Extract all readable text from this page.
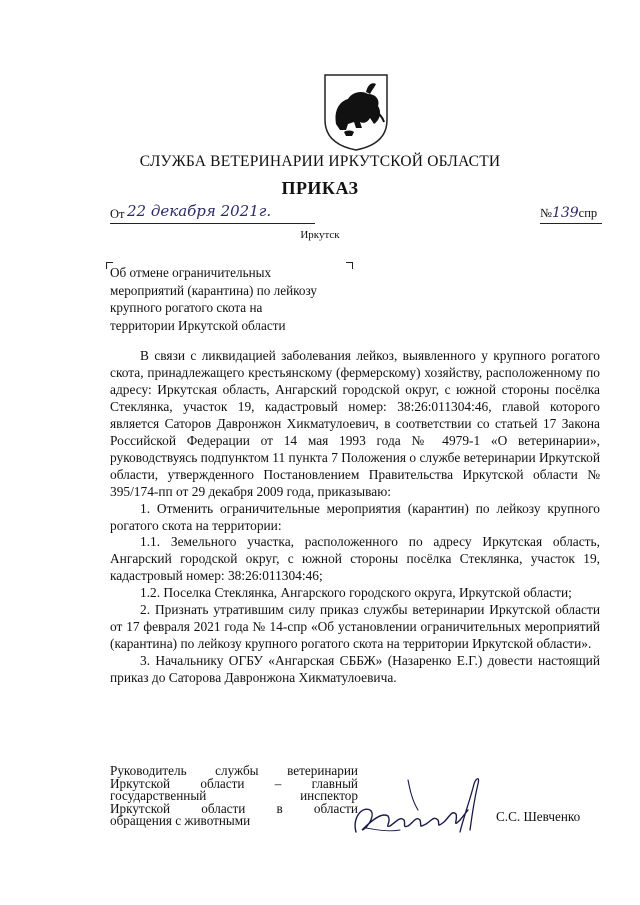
СЛУЖБА ВЕТЕРИНАРИИ ИРКУТСКОЙ ОБЛАСТИ
ПРИКАЗ
От 22 декабря 2021г.	№139спр
Иркутск

Об отмене ограничительных

мероприятий (карантина) по лейкозу

крупного рогатого скота на

территории Иркутской области

В связи с ликвидацией заболевания лейкоз, выявленного у крупного рогатого скота, принадлежащего крестьянскому (фермерскому) хозяйству, расположенному по адресу: Иркутская область, Ангарский городской округ, с южной стороны посёлка Стеклянка, участок 19, кадастровый номер: 38:26:011304:46, главой которого является Саторов Давронжон Хикматулоевич, в соответствии со статьей 17 Закона Российской Федерации от 14 мая 1993 года № 4979-1 «О ветеринарии», руководствуясь подпунктом 11 пункта 7 Положения о службе ветеринарии Иркутской области, утвержденного Постановлением Правительства Иркутской области № 395/174-пп от 29 декабря 2009 года, приказываю:

1. Отменить ограничительные мероприятия (карантин) по лейкозу крупного рогатого скота на территории:

1.1. Земельного участка, расположенного по адресу Иркутская область, Ангарский городской округ, с южной стороны посёлка Стеклянка, участок 19, кадастровый номер: 38:26:011304:46;

1.2. Поселка Стеклянка, Ангарского городского округа, Иркутской области;

2. Признать утратившим силу приказ службы ветеринарии Иркутской области от 17 февраля 2021 года № 14-спр «Об установлении ограничительных мероприятий (карантина) по лейкозу крупного рогатого скота на территории Иркутской области».

3. Начальнику ОГБУ «Ангарская СББЖ» (Назаренко Е.Г.) довести настоящий приказ до Саторова Давронжона Хикматулоевича.

Руководитель службы ветеринарии

Иркутской области – главный

государственный инспектор

Иркутской области в области

обращения с животными	С.С. Шевченко
